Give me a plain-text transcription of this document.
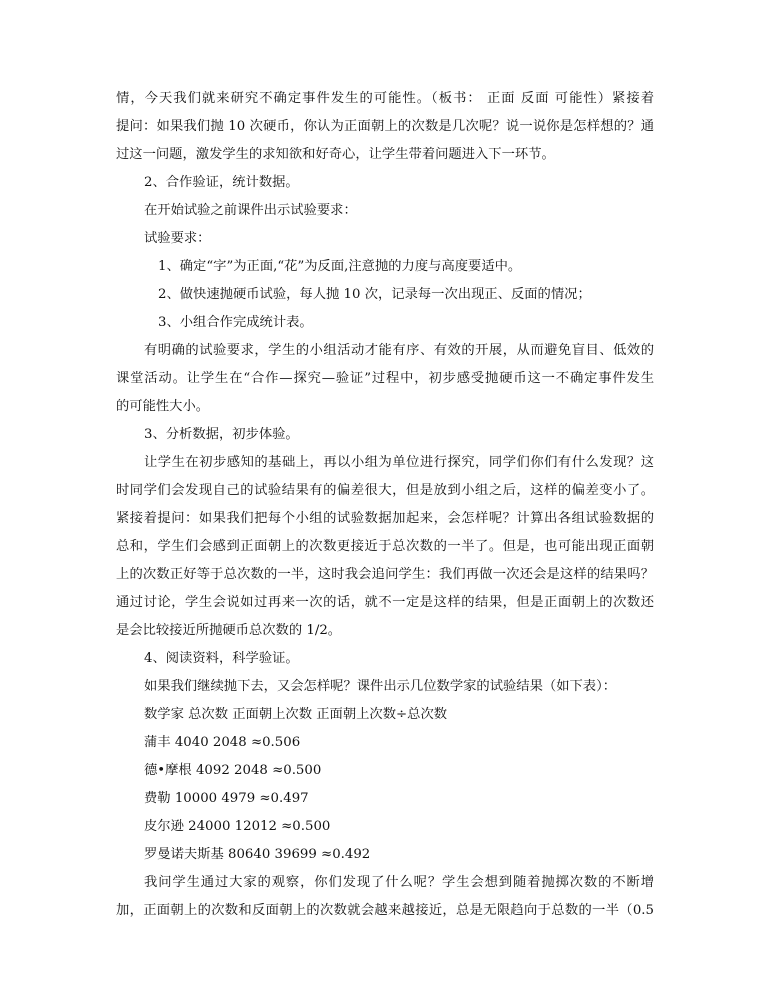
情，今天我们就来研究不确定事件发生的可能性。（板书： 正面 反面 可能性）紧接着
提问：如果我们抛 10 次硬币，你认为正面朝上的次数是几次呢？说一说你是怎样想的？通
过这一问题，激发学生的求知欲和好奇心，让学生带着问题进入下一环节。
2、合作验证，统计数据。
在开始试验之前课件出示试验要求：
试验要求：
1、确定“字”为正面,“花”为反面,注意抛的力度与高度要适中。
2、做快速抛硬币试验，每人抛 10 次，记录每一次出现正、反面的情况；
3、小组合作完成统计表。
有明确的试验要求，学生的小组活动才能有序、有效的开展，从而避免盲目、低效的
课堂活动。让学生在“合作—探究—验证”过程中，初步感受抛硬币这一不确定事件发生
的可能性大小。
3、分析数据，初步体验。
让学生在初步感知的基础上，再以小组为单位进行探究，同学们你们有什么发现？这
时同学们会发现自己的试验结果有的偏差很大，但是放到小组之后，这样的偏差变小了。
紧接着提问：如果我们把每个小组的试验数据加起来，会怎样呢？计算出各组试验数据的
总和，学生们会感到正面朝上的次数更接近于总次数的一半了。但是，也可能出现正面朝
上的次数正好等于总次数的一半，这时我会追问学生：我们再做一次还会是这样的结果吗？
通过讨论，学生会说如过再来一次的话，就不一定是这样的结果，但是正面朝上的次数还
是会比较接近所抛硬币总次数的 1/2。
4、阅读资料，科学验证。
如果我们继续抛下去，又会怎样呢？课件出示几位数学家的试验结果（如下表）：
数学家 总次数 正面朝上次数 正面朝上次数÷总次数
蒲丰 4040 2048 ≈0.506
德•摩根 4092 2048 ≈0.500
费勒 10000 4979 ≈0.497
皮尔逊 24000 12012 ≈0.500
罗曼诺夫斯基 80640 39699 ≈0.492
我问学生通过大家的观察，你们发现了什么呢？学生会想到随着抛掷次数的不断增
加，正面朝上的次数和反面朝上的次数就会越来越接近，总是无限趋向于总数的一半（0.5
